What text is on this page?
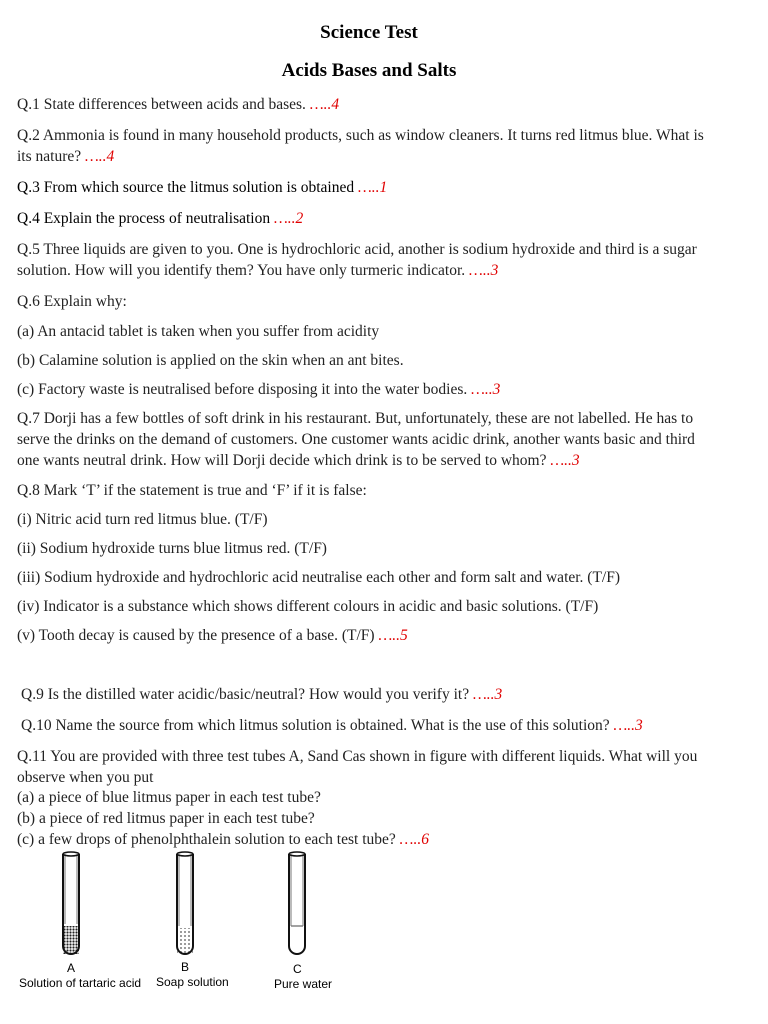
Science Test
Acids Bases and Salts
Q.1 State differences between acids and bases. …..4
Q.2 Ammonia is found in many household products, such as window cleaners. It turns red litmus blue. What is its nature? …..4
Q.3 From which source the litmus solution is obtained …..1
Q.4 Explain the process of neutralisation …..2
Q.5 Three liquids are given to you. One is hydrochloric acid, another is sodium hydroxide and third is a sugar solution. How will you identify them? You have only turmeric indicator. …..3
Q.6 Explain why:
(a) An antacid tablet is taken when you suffer from acidity
(b) Calamine solution is applied on the skin when an ant bites.
(c) Factory waste is neutralised before disposing it into the water bodies. …..3
Q.7 Dorji has a few bottles of soft drink in his restaurant. But, unfortunately, these are not labelled. He has to serve the drinks on the demand of customers. One customer wants acidic drink, another wants basic and third one wants neutral drink. How will Dorji decide which drink is to be served to whom? …..3
Q.8 Mark ‘T’ if the statement is true and ‘F’ if it is false:
(i) Nitric acid turn red litmus blue. (T/F)
(ii) Sodium hydroxide turns blue litmus red. (T/F)
(iii) Sodium hydroxide and hydrochloric acid neutralise each other and form salt and water. (T/F)
(iv) Indicator is a substance which shows different colours in acidic and basic solutions. (T/F)
(v) Tooth decay is caused by the presence of a base. (T/F) …..5
Q.9 Is the distilled water acidic/basic/neutral? How would you verify it? …..3
Q.10 Name the source from which litmus solution is obtained. What is the use of this solution? …..3
Q.11 You are provided with three test tubes A, Sand Cas shown in figure with different liquids. What will you observe when you put
(a) a piece of blue litmus paper in each test tube?
(b) a piece of red litmus paper in each test tube?
(c) a few drops of phenolphthalein solution to each test tube? …..6
A	B	C
Solution of tartaric acid Soap solution	Pure water
